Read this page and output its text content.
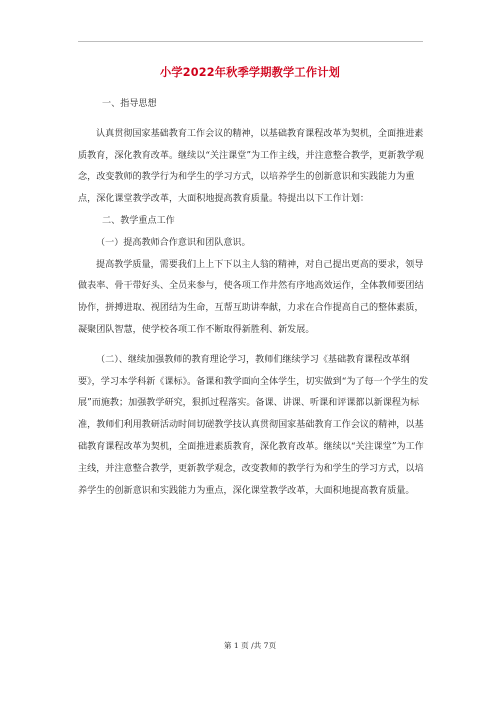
小学2022年秋季学期教学工作计划

一、指导思想

认真贯彻国家基础教育工作会议的精神，以基础教育课程改革为契机，全面推进素质教育，深化教育改革。继续以“关注课堂”为工作主线，并注意整合教学，更新教学观念，改变教师的教学行为和学生的学习方式，以培养学生的创新意识和实践能力为重点，深化课堂教学改革，大面积地提高教育质量。特提出以下工作计划：

二、教学重点工作

（一）提高教师合作意识和团队意识。

提高教学质量，需要我们上上下下以主人翁的精神，对自己提出更高的要求，领导做表率、骨干带好头、全员来参与，使各项工作井然有序地高效运作，全体教师要团结协作，拼搏进取、视团结为生命，互帮互助讲奉献，力求在合作提高自己的整体素质，凝聚团队智慧，使学校各项工作不断取得新胜利、新发展。

（二）、继续加强教师的教育理论学习，教师们继续学习《基础教育课程改革纲要》，学习本学科新《课标》。备课和教学面向全体学生，切实做到“为了每一个学生的发展”而施教；加强教学研究，狠抓过程落实。备课、讲课、听课和评课都以新课程为标准，教师们利用教研活动时间切磋教学技认真贯彻国家基础教育工作会议的精神，以基础教育课程改革为契机，全面推进素质教育，深化教育改革。继续以“关注课堂”为工作主线，并注意整合教学，更新教学观念，改变教师的教学行为和学生的学习方式，以培养学生的创新意识和实践能力为重点，深化课堂教学改革，大面积地提高教育质量。

第 1 页 /共 7页
